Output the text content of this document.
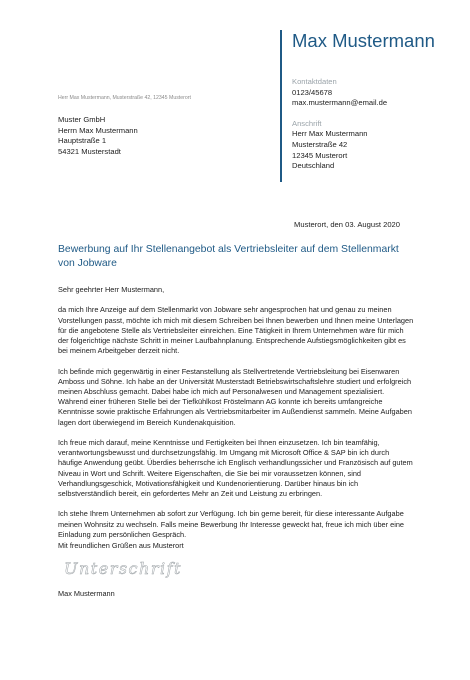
Max Mustermann
Kontaktdaten
0123/45678
max.mustermann@email.de
Anschrift
Herr Max Mustermann
Musterstraße 42
12345 Musterort
Deutschland
Herr Max Mustermann, Musterstraße 42, 12345 Musterort
Muster GmbH
Herrn Max Mustermann
Hauptstraße 1
54321 Musterstadt
Musterort, den 03. August 2020
Bewerbung auf Ihr Stellenangebot als Vertriebsleiter auf dem Stellenmarkt von Jobware

Sehr geehrter Herr Mustermann,

da mich Ihre Anzeige auf dem Stellenmarkt von Jobware sehr angesprochen hat und genau zu meinen Vorstellungen passt, möchte ich mich mit diesem Schreiben bei Ihnen bewerben und Ihnen meine Unterlagen für die angebotene Stelle als Vertriebsleiter einreichen. Eine Tätigkeit in Ihrem Unternehmen wäre für mich der folgerichtige nächste Schritt in meiner Laufbahnplanung. Entsprechende Aufstiegsmöglichkeiten gibt es bei meinem Arbeitgeber derzeit nicht.

Ich befinde mich gegenwärtig in einer Festanstellung als Stellvertretende Vertriebsleitung bei Eisenwaren Amboss und Söhne. Ich habe an der Universität Musterstadt Betriebswirtschaftslehre studiert und erfolgreich meinen Abschluss gemacht. Dabei habe ich mich auf Personalwesen und Management spezialisiert. Während einer früheren Stelle bei der Tiefkühlkost Fröstelmann AG konnte ich bereits umfangreiche Kenntnisse sowie praktische Erfahrungen als Vertriebsmitarbeiter im Außendienst sammeln. Meine Aufgaben lagen dort überwiegend im Bereich Kundenakquisition.

Ich freue mich darauf, meine Kenntnisse und Fertigkeiten bei Ihnen einzusetzen. Ich bin teamfähig, verantwortungsbewusst und durchsetzungsfähig. Im Umgang mit Microsoft Office & SAP bin ich durch häufige Anwendung geübt. Überdies beherrsche ich Englisch verhandlungssicher und Französisch auf gutem Niveau in Wort und Schrift. Weitere Eigenschaften, die Sie bei mir voraussetzen können, sind Verhandlungsgeschick, Motivationsfähigkeit und Kundenorientierung. Darüber hinaus bin ich selbstverständlich bereit, ein gefordertes Mehr an Zeit und Leistung zu erbringen.

Ich stehe Ihrem Unternehmen ab sofort zur Verfügung. Ich bin gerne bereit, für diese interessante Aufgabe meinen Wohnsitz zu wechseln. Falls meine Bewerbung Ihr Interesse geweckt hat, freue ich mich über eine Einladung zum persönlichen Gespräch.

Mit freundlichen Grüßen aus Musterort
Unterschrift
Max Mustermann
